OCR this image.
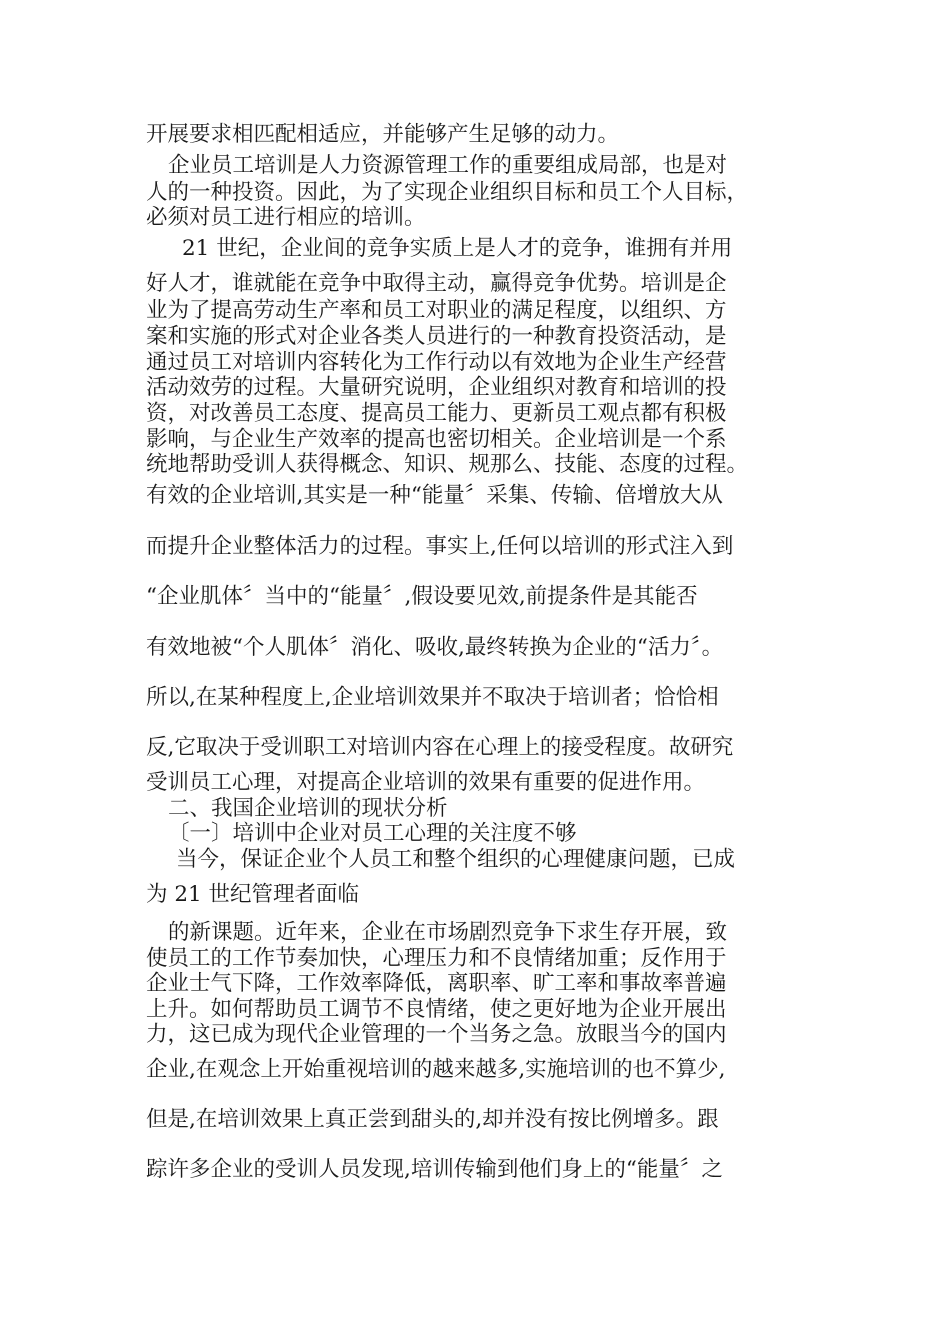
开展要求相匹配相适应，并能够产生足够的动力。
企业员工培训是人力资源管理工作的重要组成局部，也是对
人的一种投资。因此，为了实现企业组织目标和员工个人目标，
必须对员工进行相应的培训。
21 世纪，企业间的竞争实质上是人才的竞争，谁拥有并用
好人才，谁就能在竞争中取得主动，赢得竞争优势。培训是企
业为了提高劳动生产率和员工对职业的满足程度，以组织、方
案和实施的形式对企业各类人员进行的一种教育投资活动，是
通过员工对培训内容转化为工作行动以有效地为企业生产经营
活动效劳的过程。大量研究说明，企业组织对教育和培训的投
资，对改善员工态度、提高员工能力、更新员工观点都有积极
影响，与企业生产效率的提高也密切相关。企业培训是一个系
统地帮助受训人获得概念、知识、规那么、技能、态度的过程。
有效的企业培训,其实是一种“能量〞采集、传输、倍增放大从
而提升企业整体活力的过程。事实上,任何以培训的形式注入到
“企业肌体〞当中的“能量〞,假设要见效,前提条件是其能否
有效地被“个人肌体〞消化、吸收,最终转换为企业的“活力〞。
所以,在某种程度上,企业培训效果并不取决于培训者；恰恰相
反,它取决于受训职工对培训内容在心理上的接受程度。故研究
受训员工心理，对提高企业培训的效果有重要的促进作用。
二、我国企业培训的现状分析
〔一〕培训中企业对员工心理的关注度不够
当今，保证企业个人员工和整个组织的心理健康问题，已成
为 21 世纪管理者面临
的新课题。近年来，企业在市场剧烈竞争下求生存开展，致
使员工的工作节奏加快，心理压力和不良情绪加重；反作用于
企业士气下降，工作效率降低，离职率、旷工率和事故率普遍
上升。如何帮助员工调节不良情绪，使之更好地为企业开展出
力，这已成为现代企业管理的一个当务之急。放眼当今的国内
企业,在观念上开始重视培训的越来越多,实施培训的也不算少,
但是,在培训效果上真正尝到甜头的,却并没有按比例增多。跟
踪许多企业的受训人员发现,培训传输到他们身上的“能量〞之
